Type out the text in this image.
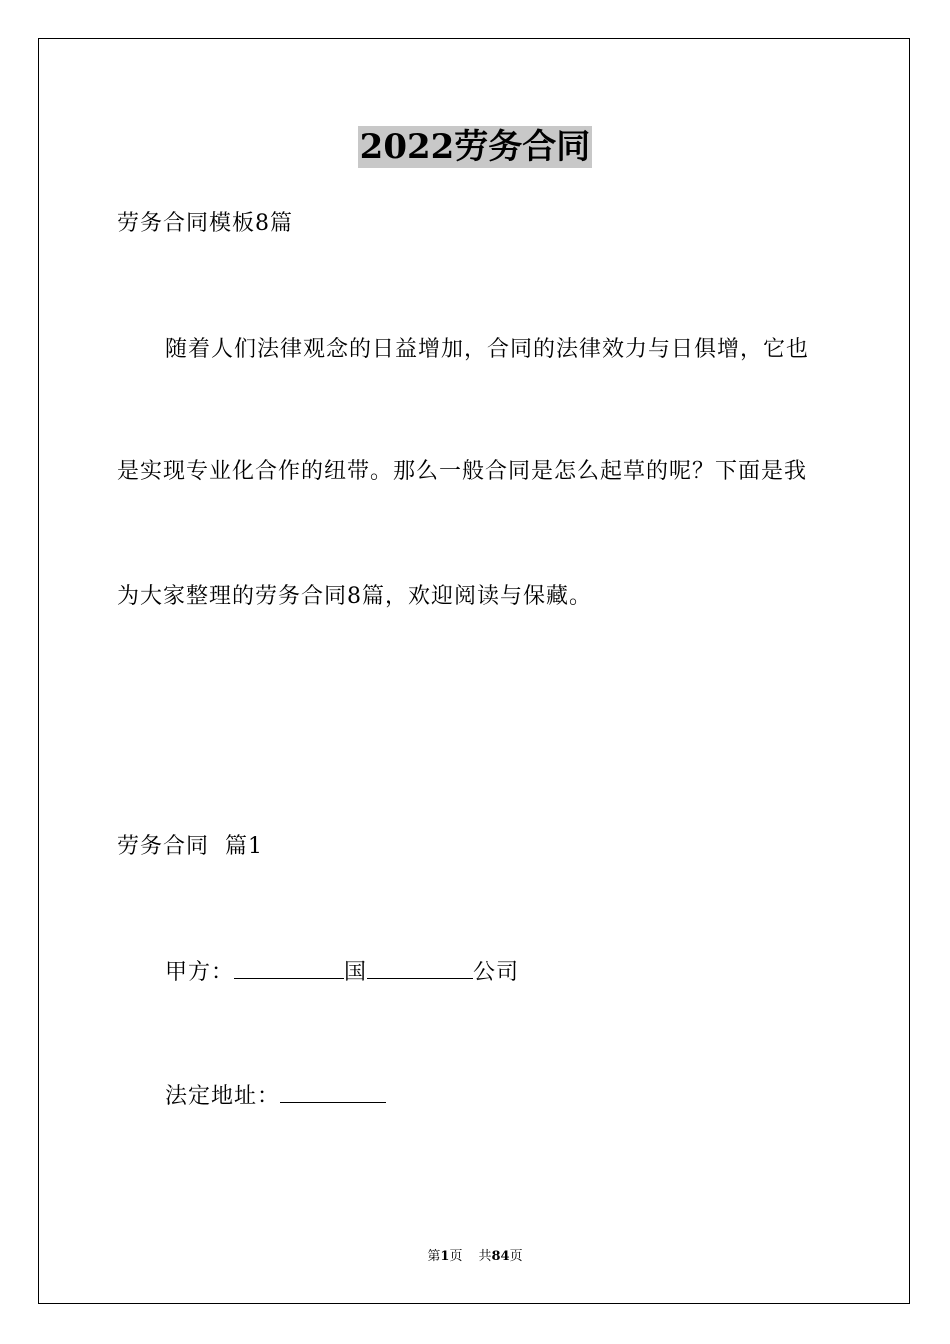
2022劳务合同
劳务合同模板8篇
随着人们法律观念的日益增加，合同的法律效力与日俱增，它也
是实现专业化合作的纽带。那么一般合同是怎么起草的呢？下面是我
为大家整理的劳务合同8篇，欢迎阅读与保藏。
劳务合同  篇1
甲方：	国	公司
法定地址：
第1页 共84页
